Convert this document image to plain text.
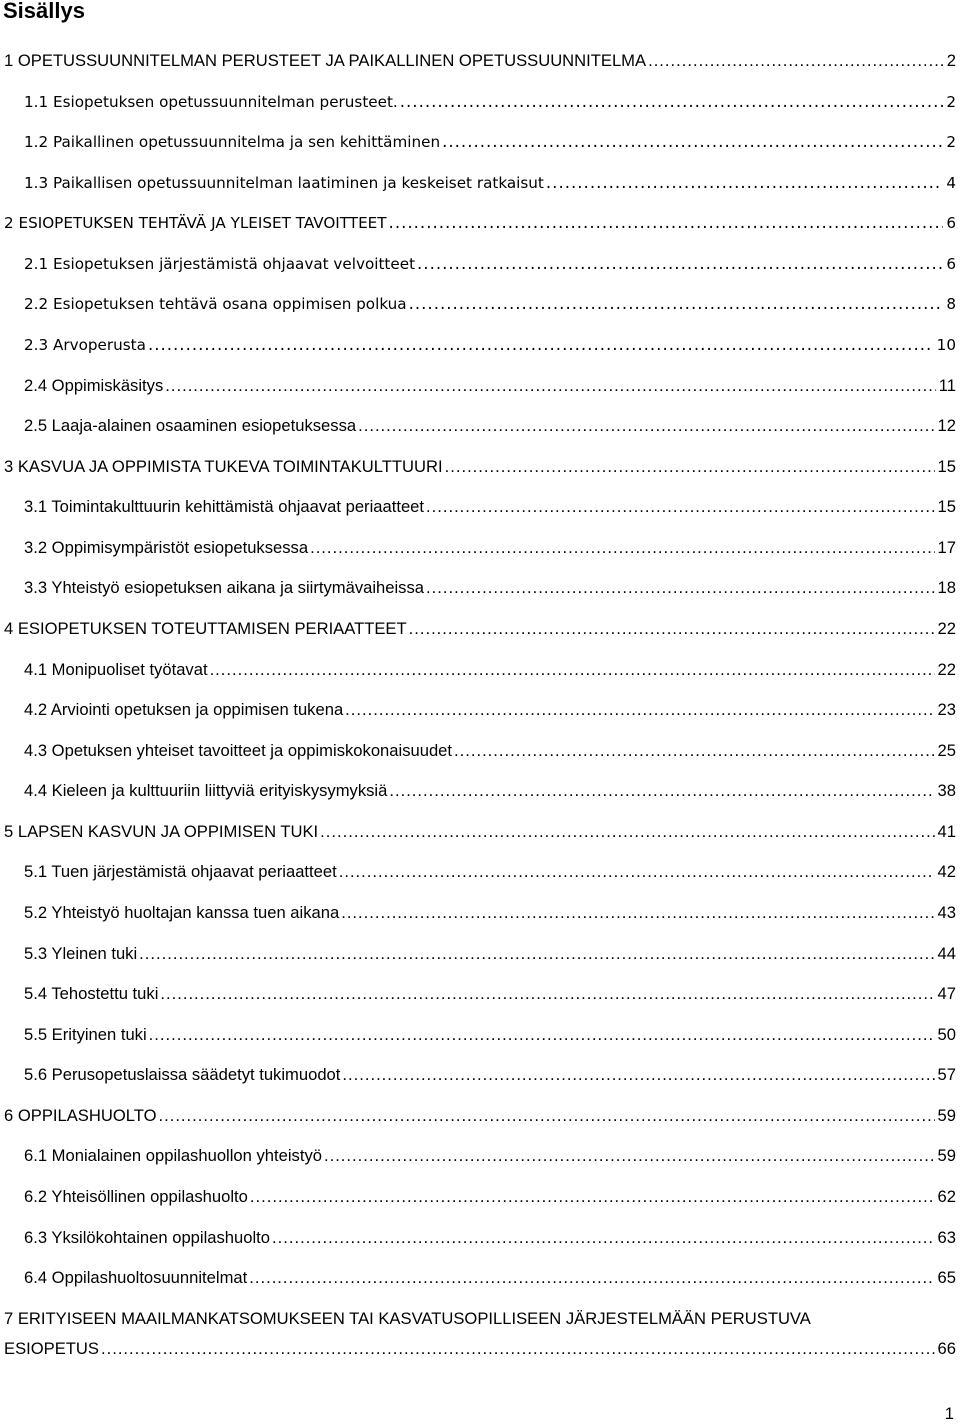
Sisällys
1 OPETUSSUUNNITELMAN PERUSTEET JA PAIKALLINEN OPETUSSUUNNITELMA .....	2
1.1 Esiopetuksen opetussuunnitelman perusteet. .....	2
1.2 Paikallinen opetussuunnitelma ja sen kehittäminen .....	2
1.3 Paikallisen opetussuunnitelman laatiminen ja keskeiset ratkaisut .....	4
2 ESIOPETUKSEN TEHTÄVÄ JA YLEISET TAVOITTEET .....	6
2.1 Esiopetuksen järjestämistä ohjaavat velvoitteet .....	6
2.2 Esiopetuksen tehtävä osana oppimisen polkua .....	8
2.3 Arvoperusta .....	10
2.4 Oppimiskäsitys .....	11
2.5 Laaja-alainen osaaminen esiopetuksessa .....	12
3 KASVUA JA OPPIMISTA TUKEVA TOIMINTAKULTTUURI .....	15
3.1 Toimintakulttuurin kehittämistä ohjaavat periaatteet .....	15
3.2 Oppimisympäristöt esiopetuksessa .....	17
3.3 Yhteistyö esiopetuksen aikana ja siirtymävaiheissa .....	18
4 ESIOPETUKSEN TOTEUTTAMISEN PERIAATTEET .....	22
4.1 Monipuoliset työtavat .....	22
4.2 Arviointi opetuksen ja oppimisen tukena .....	23
4.3 Opetuksen yhteiset tavoitteet ja oppimiskokonaisuudet .....	25
4.4 Kieleen ja kulttuuriin liittyviä erityiskysymyksiä .....	38
5 LAPSEN KASVUN JA OPPIMISEN TUKI .....	41
5.1 Tuen järjestämistä ohjaavat periaatteet .....	42
5.2 Yhteistyö huoltajan kanssa tuen aikana .....	43
5.3 Yleinen tuki .....	44
5.4 Tehostettu tuki .....	47
5.5 Erityinen tuki .....	50
5.6 Perusopetuslaissa säädetyt tukimuodot .....	57
6 OPPILASHUOLTO .....	59
6.1 Monialainen oppilashuollon yhteistyö .....	59
6.2 Yhteisöllinen oppilashuolto .....	62
6.3 Yksilökohtainen oppilashuolto .....	63
6.4 Oppilashuoltosuunnitelmat .....	65
7 ERITYISEEN MAAILMANKATSOMUKSEEN TAI KASVATUSOPILLISEEN JÄRJESTELMÄÄN PERUSTUVA
ESIOPETUS .....	66
1
